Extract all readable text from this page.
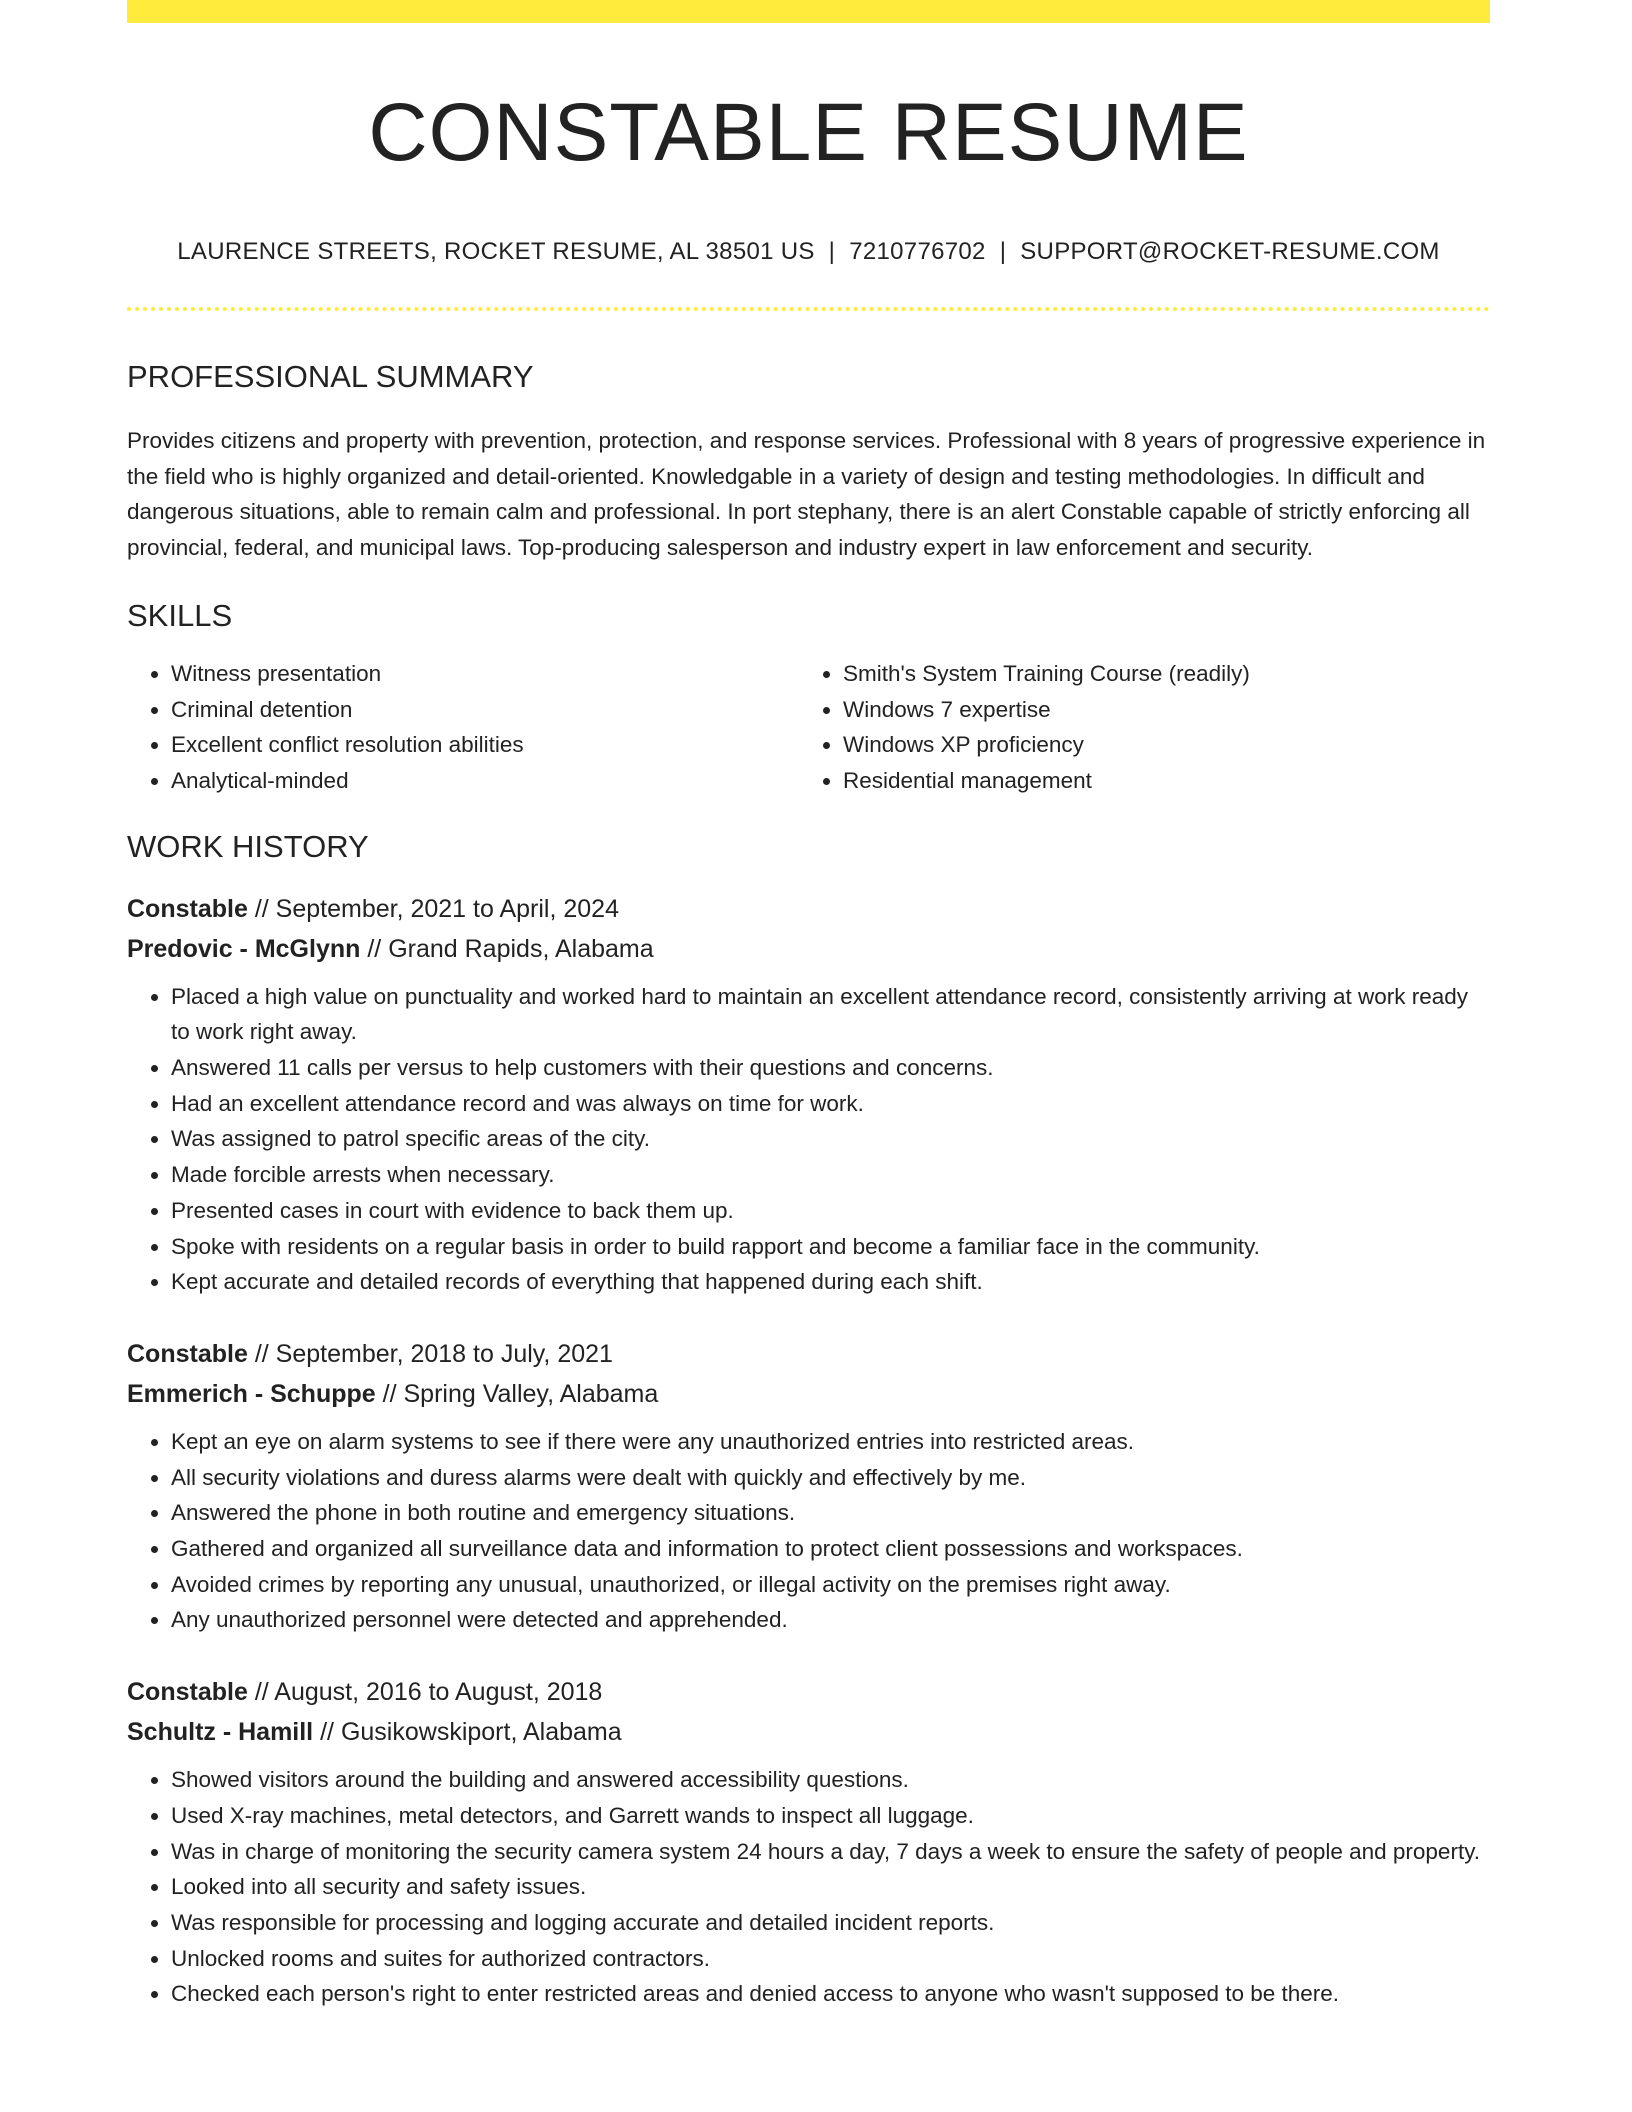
CONSTABLE RESUME
LAURENCE STREETS, ROCKET RESUME, AL 38501 US | 7210776702 | SUPPORT@ROCKET-RESUME.COM
PROFESSIONAL SUMMARY
Provides citizens and property with prevention, protection, and response services. Professional with 8 years of progressive experience in the field who is highly organized and detail-oriented. Knowledgable in a variety of design and testing methodologies. In difficult and dangerous situations, able to remain calm and professional. In port stephany, there is an alert Constable capable of strictly enforcing all provincial, federal, and municipal laws. Top-producing salesperson and industry expert in law enforcement and security.
SKILLS
• Witness presentation
• Criminal detention
• Excellent conflict resolution abilities
• Analytical-minded
• Smith's System Training Course (readily)
• Windows 7 expertise
• Windows XP proficiency
• Residential management
WORK HISTORY
Constable // September, 2021 to April, 2024
Predovic - McGlynn // Grand Rapids, Alabama
• Placed a high value on punctuality and worked hard to maintain an excellent attendance record, consistently arriving at work ready to work right away.
• Answered 11 calls per versus to help customers with their questions and concerns.
• Had an excellent attendance record and was always on time for work.
• Was assigned to patrol specific areas of the city.
• Made forcible arrests when necessary.
• Presented cases in court with evidence to back them up.
• Spoke with residents on a regular basis in order to build rapport and become a familiar face in the community.
• Kept accurate and detailed records of everything that happened during each shift.
Constable // September, 2018 to July, 2021
Emmerich - Schuppe // Spring Valley, Alabama
• Kept an eye on alarm systems to see if there were any unauthorized entries into restricted areas.
• All security violations and duress alarms were dealt with quickly and effectively by me.
• Answered the phone in both routine and emergency situations.
• Gathered and organized all surveillance data and information to protect client possessions and workspaces.
• Avoided crimes by reporting any unusual, unauthorized, or illegal activity on the premises right away.
• Any unauthorized personnel were detected and apprehended.
Constable // August, 2016 to August, 2018
Schultz - Hamill // Gusikowskiport, Alabama
• Showed visitors around the building and answered accessibility questions.
• Used X-ray machines, metal detectors, and Garrett wands to inspect all luggage.
• Was in charge of monitoring the security camera system 24 hours a day, 7 days a week to ensure the safety of people and property.
• Looked into all security and safety issues.
• Was responsible for processing and logging accurate and detailed incident reports.
• Unlocked rooms and suites for authorized contractors.
• Checked each person's right to enter restricted areas and denied access to anyone who wasn't supposed to be there.
